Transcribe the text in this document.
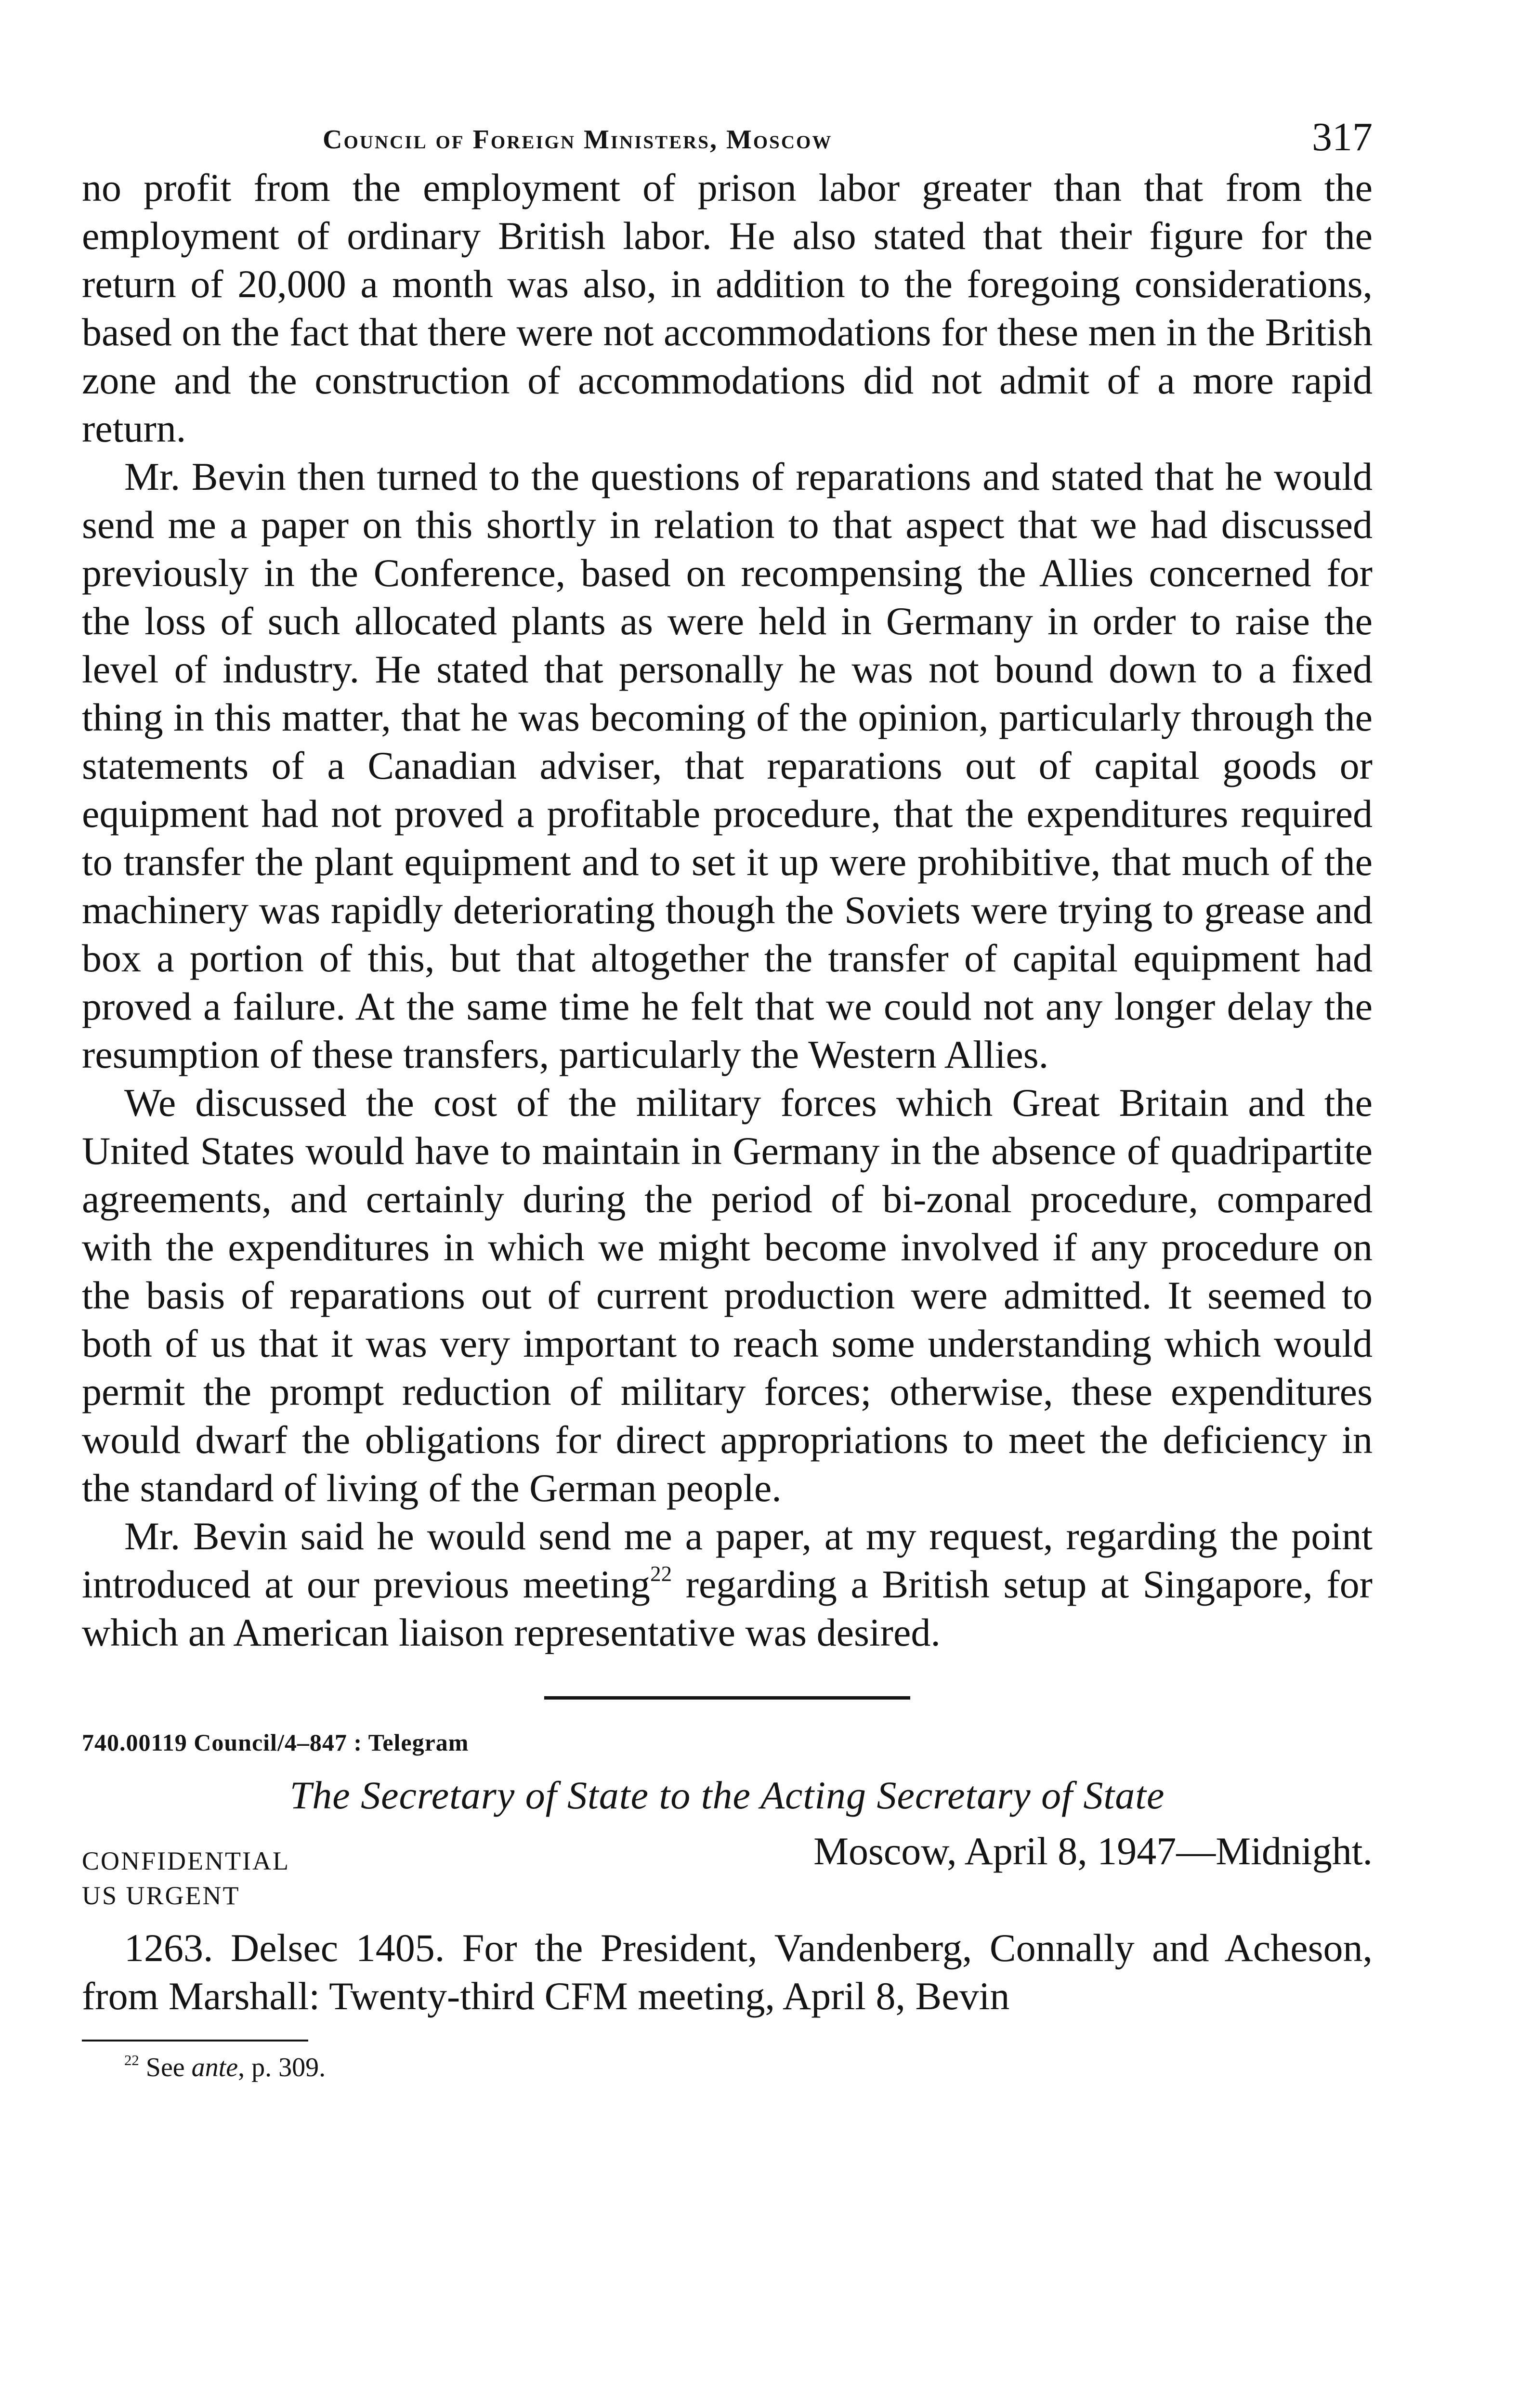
Council of Foreign Ministers, Moscow	317

no profit from the employment of prison labor greater than that from the employment of ordinary British labor. He also stated that their figure for the return of 20,000 a month was also, in addition to the foregoing considerations, based on the fact that there were not accommodations for these men in the British zone and the construction of accommodations did not admit of a more rapid return.

Mr. Bevin then turned to the questions of reparations and stated that he would send me a paper on this shortly in relation to that aspect that we had discussed previously in the Conference, based on recompensing the Allies concerned for the loss of such allocated plants as were held in Germany in order to raise the level of industry. He stated that personally he was not bound down to a fixed thing in this matter, that he was becoming of the opinion, particularly through the statements of a Canadian adviser, that reparations out of capital goods or equipment had not proved a profitable procedure, that the expenditures required to transfer the plant equipment and to set it up were prohibitive, that much of the machinery was rapidly deteriorating though the Soviets were trying to grease and box a portion of this, but that altogether the transfer of capital equipment had proved a failure. At the same time he felt that we could not any longer delay the resumption of these transfers, particularly the Western Allies.

We discussed the cost of the military forces which Great Britain and the United States would have to maintain in Germany in the absence of quadripartite agreements, and certainly during the period of bi-zonal procedure, compared with the expenditures in which we might become involved if any procedure on the basis of reparations out of current production were admitted. It seemed to both of us that it was very important to reach some understanding which would permit the prompt reduction of military forces; otherwise, these expenditures would dwarf the obligations for direct appropriations to meet the deficiency in the standard of living of the German people.

Mr. Bevin said he would send me a paper, at my request, regarding the point introduced at our previous meeting$^{22}$ regarding a British setup at Singapore, for which an American liaison representative was desired.

740.00119 Council/4–847 : Telegram
The Secretary of State to the Acting Secretary of State
CONFIDENTIAL	Moscow, April 8, 1947—Midnight.
US URGENT

1263. Delsec 1405. For the President, Vandenberg, Connally and Acheson, from Marshall: Twenty-third CFM meeting, April 8, Bevin

$^{22}$ See ante, p. 309.
